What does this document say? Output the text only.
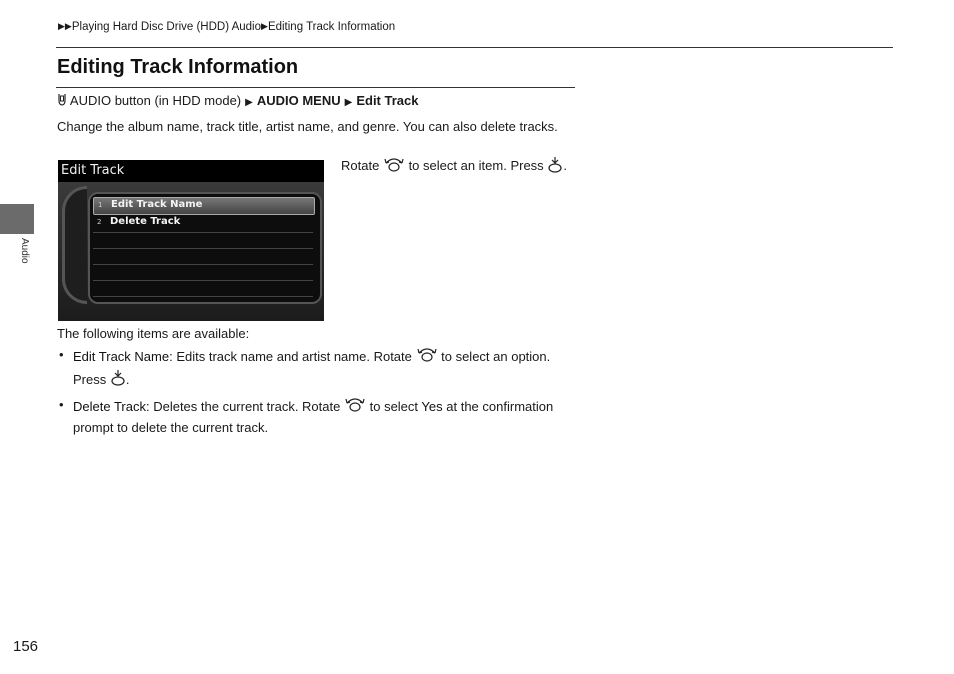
▶▶Playing Hard Disc Drive (HDD) Audio▶Editing Track Information
Editing Track Information
AUDIO button (in HDD mode) ▶ AUDIO MENU ▶ Edit Track

Change the album name, track title, artist name, and genre. You can also delete tracks.

Audio
Edit Track
1 Edit Track Name
2 Delete Track
Rotate to select an item. Press .
The following items are available:
• Edit Track Name: Edits track name and artist name. Rotate to select an option. Press .
• Delete Track: Deletes the current track. Rotate to select Yes at the confirmation prompt to delete the current track.
156
